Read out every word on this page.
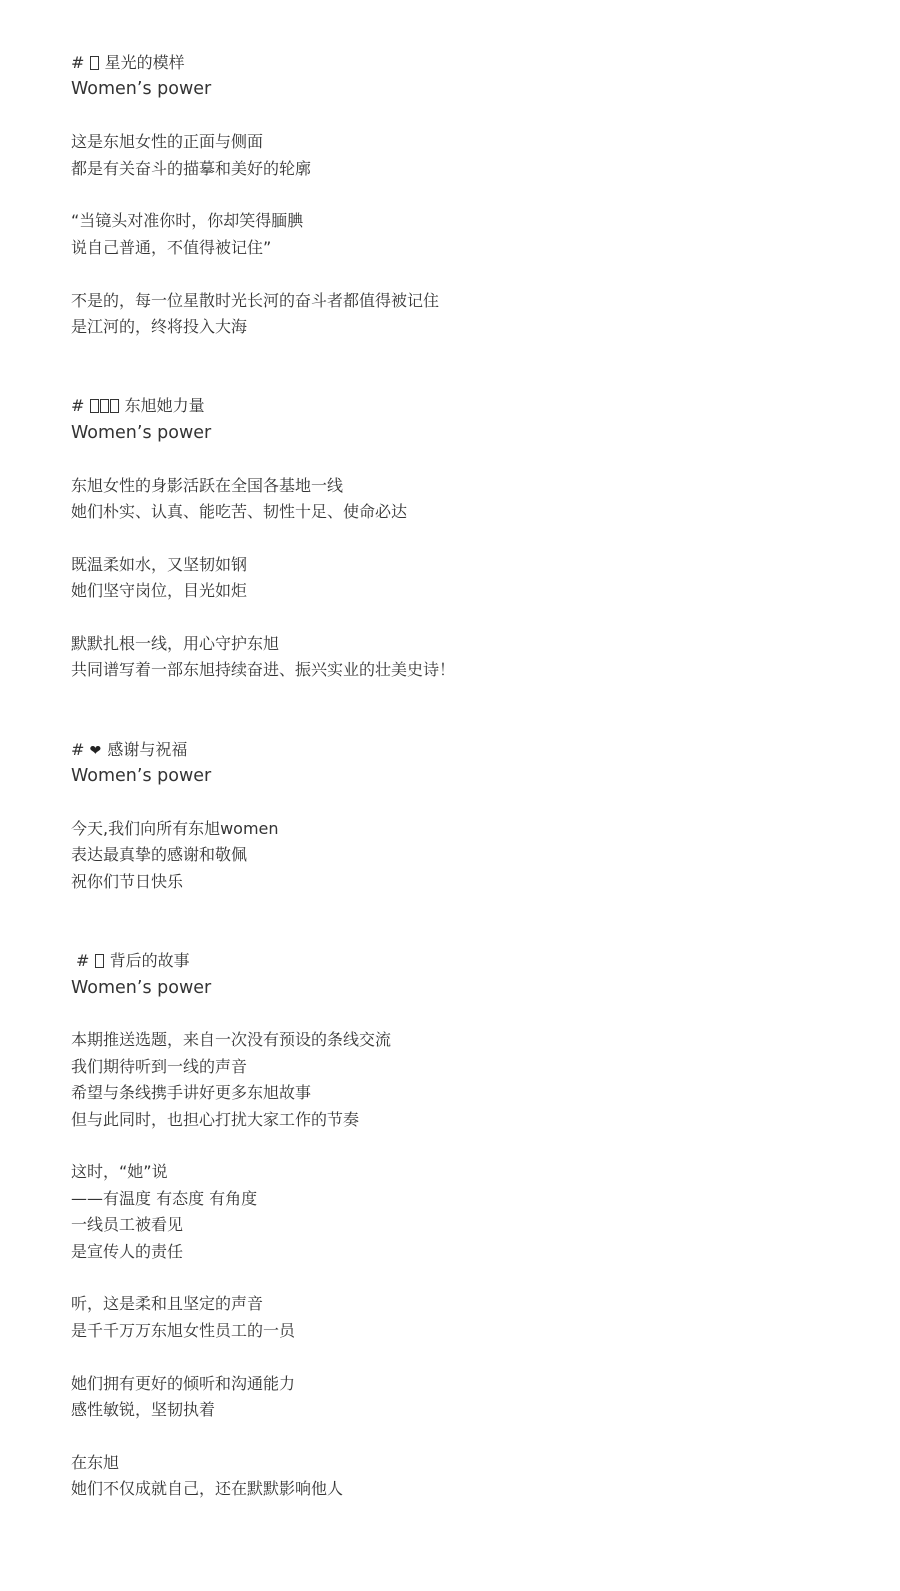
# 星光的模样
Women’s power
这是东旭女性的正面与侧面
都是有关奋斗的描摹和美好的轮廓
“当镜头对准你时，你却笑得腼腆
说自己普通，不值得被记住”
不是的，每一位星散时光长河的奋斗者都值得被记住
是江河的，终将投入大海
#	东旭她力量
Women’s power
东旭女性的身影活跃在全国各基地一线
她们朴实、认真、能吃苦、韧性十足、使命必达
既温柔如水，又坚韧如钢
她们坚守岗位，目光如炬
默默扎根一线，用心守护东旭
共同谱写着一部东旭持续奋进、振兴实业的壮美史诗！
# ❤ 感谢与祝福
Women’s power
今天,我们向所有东旭women
表达最真挚的感谢和敬佩
祝你们节日快乐
# 背后的故事
Women’s power
本期推送选题，来自一次没有预设的条线交流
我们期待听到一线的声音
希望与条线携手讲好更多东旭故事
但与此同时，也担心打扰大家工作的节奏
这时，“她”说
——有温度 有态度 有角度
一线员工被看见
是宣传人的责任
听，这是柔和且坚定的声音
是千千万万东旭女性员工的一员
她们拥有更好的倾听和沟通能力
感性敏锐，坚韧执着
在东旭
她们不仅成就自己，还在默默影响他人
